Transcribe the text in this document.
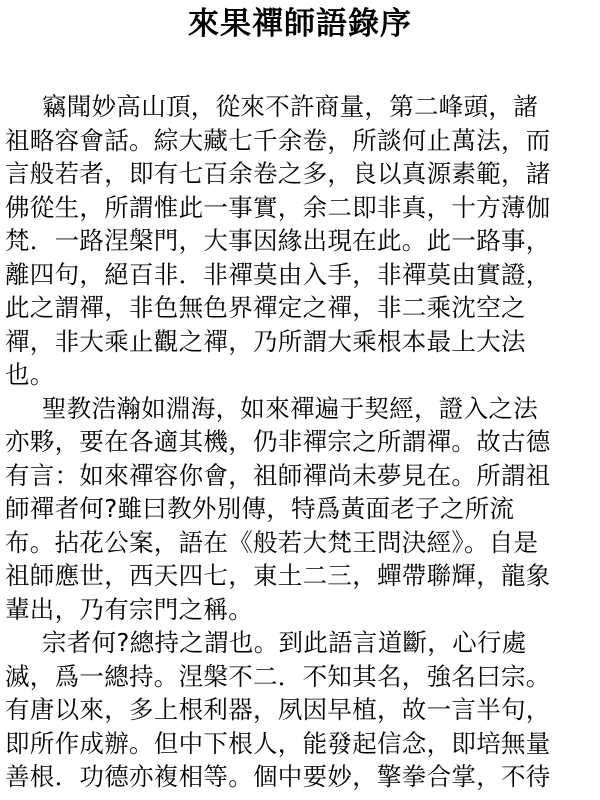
來果禪師語錄序
竊聞妙高山頂，從來不許商量，第二峰頭，諸
祖略容會話。綜大藏七千余卷，所談何止萬法，而
言般若者，即有七百余卷之多，良以真源素範，諸
佛從生，所謂惟此一事實，余二即非真，十方薄伽
梵．一路涅槃門，大事因緣出現在此。此一路事，
離四句，絕百非．非禪莫由入手，非禪莫由實證，
此之謂禪，非色無色界禪定之禪，非二乘沈空之
禪，非大乘止觀之禪，乃所謂大乘根本最上大法
也。
聖教浩瀚如淵海，如來禪遍于契經，證入之法
亦夥，要在各適其機，仍非禪宗之所謂禪。故古德
有言：如來禪容你會，祖師禪尚未夢見在。所謂祖
師禪者何?雖曰教外別傳，特爲黃面老子之所流
布。拈花公案，語在《般若大梵王問決經》。自是
祖師應世，西天四七，東土二三，蟬帶聯輝，龍象
輩出，乃有宗門之稱。
宗者何?總持之謂也。到此語言道斷，心行處
滅，爲一總持。涅槃不二．不知其名，強名曰宗。
有唐以來，多上根利器，夙因早植，故一言半句，
即所作成辦。但中下根人，能發起信念，即培無量
善根．功德亦複相等。個中要妙，擎拳合掌，不待
